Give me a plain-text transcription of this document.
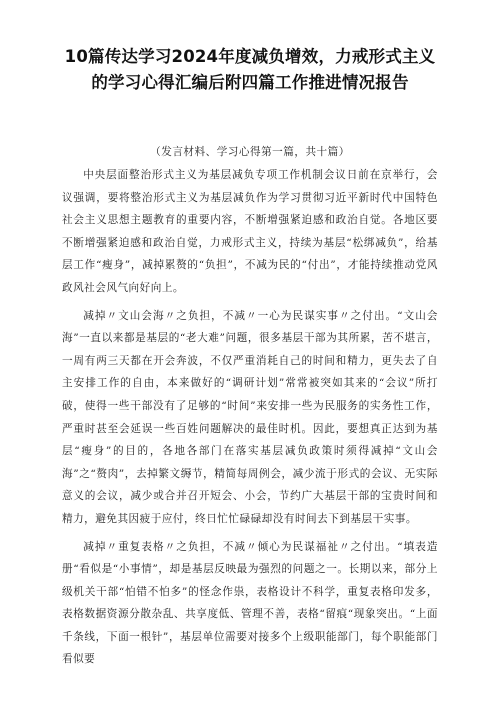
10篇传达学习2024年度减负增效，力戒形式主义的学习心得汇编后附四篇工作推进情况报告
（发言材料、学习心得第一篇，共十篇）

中央层面整治形式主义为基层减负专项工作机制会议日前在京举行，会议强调，要将整治形式主义为基层减负作为学习贯彻习近平新时代中国特色社会主义思想主题教育的重要内容，不断增强紧迫感和政治自觉。各地区要不断增强紧迫感和政治自觉，力戒形式主义，持续为基层“松绑减负”，给基层工作“瘦身”，减掉累赘的“负担”，不减为民的“付出”，才能持续推动党风政风社会风气向好向上。

减掉〃文山会海〃之负担，不减〃一心为民谋实事〃之付出。“文山会海”一直以来都是基层的“老大难”问题，很多基层干部为其所累，苦不堪言，一周有两三天都在开会奔波，不仅严重消耗自己的时间和精力，更失去了自主安排工作的自由，本来做好的“调研计划”常常被突如其来的“会议”所打破，使得一些干部没有了足够的“时间”来安排一些为民服务的实务性工作，严重时甚至会延误一些百姓问题解决的最佳时机。因此，要想真正达到为基层“瘦身”的目的，各地各部门在落实基层减负政策时须得减掉“文山会海”之“赘肉”，去掉繁文缛节，精简每周例会，减少流于形式的会议、无实际意义的会议，减少或合并召开短会、小会，节约广大基层干部的宝贵时间和精力，避免其因疲于应付，终日忙忙碌碌却没有时间去下到基层干实事。

减掉〃重复表格〃之负担，不减〃倾心为民谋福祉〃之付出。“填表造册“看似是“小事情”，却是基层反映最为强烈的问题之一。长期以来，部分上级机关干部“怕错不怕多”的怪念作祟，表格设计不科学，重复表格印发多，表格数据资源分散杂乱、共享度低、管理不善，表格“留痕“现象突出。“上面千条线，下面一根针”，基层单位需要对接多个上级职能部门，每个职能部门看似要
